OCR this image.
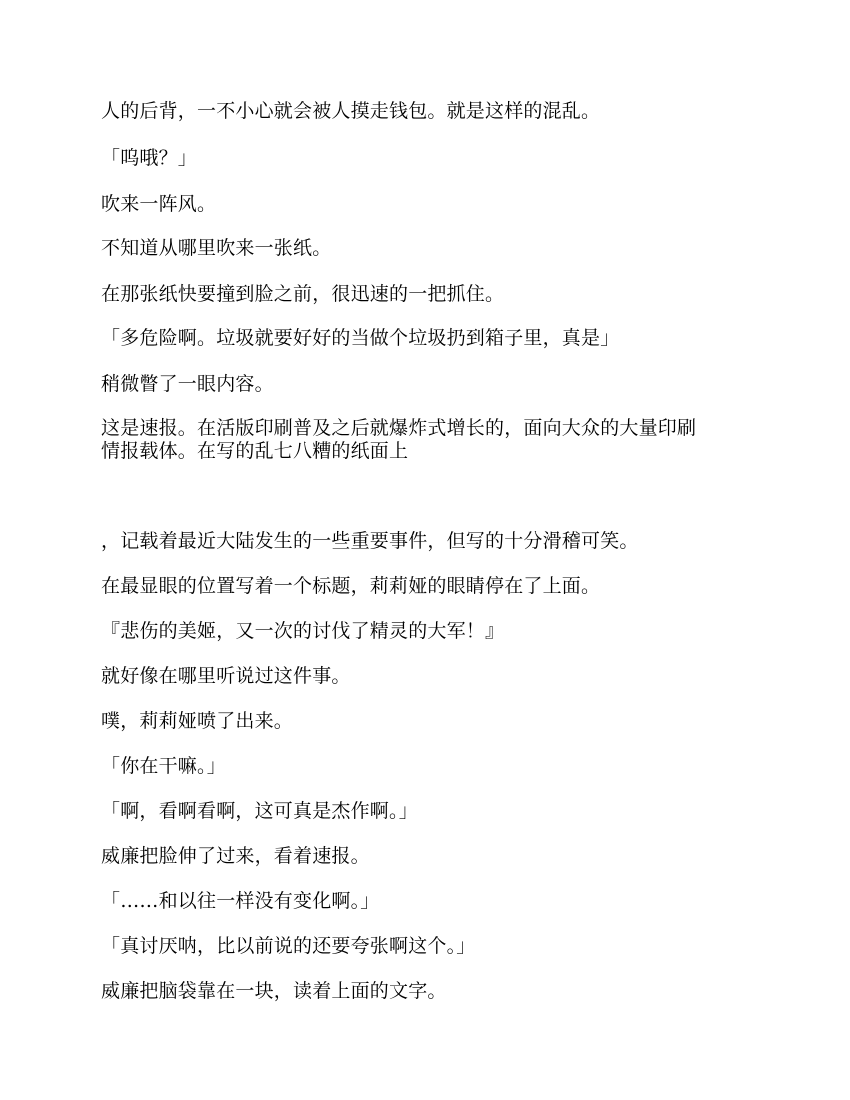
人的后背，一不小心就会被人摸走钱包。就是这样的混乱。

「呜哦？」

吹来一阵风。

不知道从哪里吹来一张纸。

在那张纸快要撞到脸之前，很迅速的一把抓住。

「多危险啊。垃圾就要好好的当做个垃圾扔到箱子里，真是」

稍微瞥了一眼内容。

这是速报。在活版印刷普及之后就爆炸式增长的，面向大众的大量印刷
情报载体。在写的乱七八糟的纸面上

，记载着最近大陆发生的一些重要事件，但写的十分滑稽可笑。

在最显眼的位置写着一个标题，莉莉娅的眼睛停在了上面。

『悲伤的美姬，又一次的讨伐了精灵的大军！』

就好像在哪里听说过这件事。

噗，莉莉娅喷了出来。

「你在干嘛。」

「啊，看啊看啊，这可真是杰作啊。」

威廉把脸伸了过来，看着速报。

「……和以往一样没有变化啊。」

「真讨厌呐，比以前说的还要夸张啊这个。」

威廉把脑袋靠在一块，读着上面的文字。
